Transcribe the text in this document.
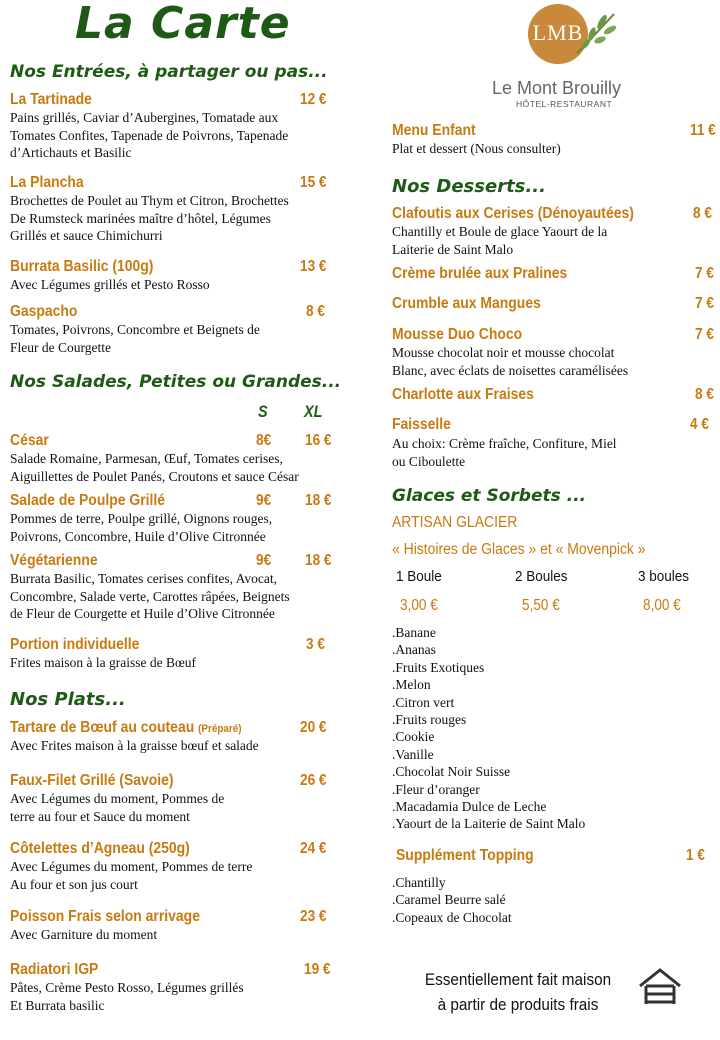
La Carte	LMB
Le Mont Brouilly
HÔTEL-RESTAURANT
Nos Entrées, à partager ou pas...
La Tartinade	12 €
Pains grillés, Caviar d’Aubergines, Tomatade aux
Tomates Confites, Tapenade de Poivrons, Tapenade
d’Artichauts et Basilic
La Plancha	15 €
Brochettes de Poulet au Thym et Citron, Brochettes
De Rumsteck marinées maître d’hôtel, Légumes
Grillés et sauce Chimichurri
Burrata Basilic (100g)	13 €
Avec Légumes grillés et Pesto Rosso
Gaspacho	8 €
Tomates, Poivrons, Concombre et Beignets de
Fleur de Courgette
Nos Salades, Petites ou Grandes...
S XL
César	8€ 16 €
Salade Romaine, Parmesan, Œuf, Tomates cerises,
Aiguillettes de Poulet Panés, Croutons et sauce César
Salade de Poulpe Grillé	9€ 18 €
Pommes de terre, Poulpe grillé, Oignons rouges,
Poivrons, Concombre, Huile d’Olive Citronnée
Végétarienne	9€ 18 €
Burrata Basilic, Tomates cerises confites, Avocat,
Concombre, Salade verte, Carottes râpées, Beignets
de Fleur de Courgette et Huile d’Olive Citronnée
Portion individuelle	3 €
Frites maison à la graisse de Bœuf
Nos Plats...
Tartare de Bœuf au couteau (Préparé)	20 €
Avec Frites maison à la graisse bœuf et salade
Faux-Filet Grillé (Savoie)	26 €
Avec Légumes du moment, Pommes de
terre au four et Sauce du moment
Côtelettes d’Agneau (250g)	24 €
Avec Légumes du moment, Pommes de terre
Au four et son jus court
Poisson Frais selon arrivage	23 €
Avec Garniture du moment
Radiatori IGP	19 €
Pâtes, Crème Pesto Rosso, Légumes grillés
Et Burrata basilic
Menu Enfant	11 €
Plat et dessert (Nous consulter)
Nos Desserts...
Clafoutis aux Cerises (Dénoyautées)	8 €
Chantilly et Boule de glace Yaourt de la
Laiterie de Saint Malo
Crème brulée aux Pralines	7 €
Crumble aux Mangues	7 €
Mousse Duo Choco	7 €
Mousse chocolat noir et mousse chocolat
Blanc, avec éclats de noisettes caramélisées
Charlotte aux Fraises	8 €
Faisselle	4 €
Au choix: Crème fraîche, Confiture, Miel
ou Ciboulette
Glaces et Sorbets ...
ARTISAN GLACIER
« Histoires de Glaces » et « Movenpick »
1 Boule	2 Boules	3 boules
3,00 €	5,50 €	8,00 €
.Banane
.Ananas
.Fruits Exotiques
.Melon
.Citron vert
.Fruits rouges
.Cookie
.Vanille
.Chocolat Noir Suisse
.Fleur d’oranger
.Macadamia Dulce de Leche
.Yaourt de la Laiterie de Saint Malo
Supplément Topping	1 €
.Chantilly
.Caramel Beurre salé
.Copeaux de Chocolat
Essentiellement fait maison
à partir de produits frais
